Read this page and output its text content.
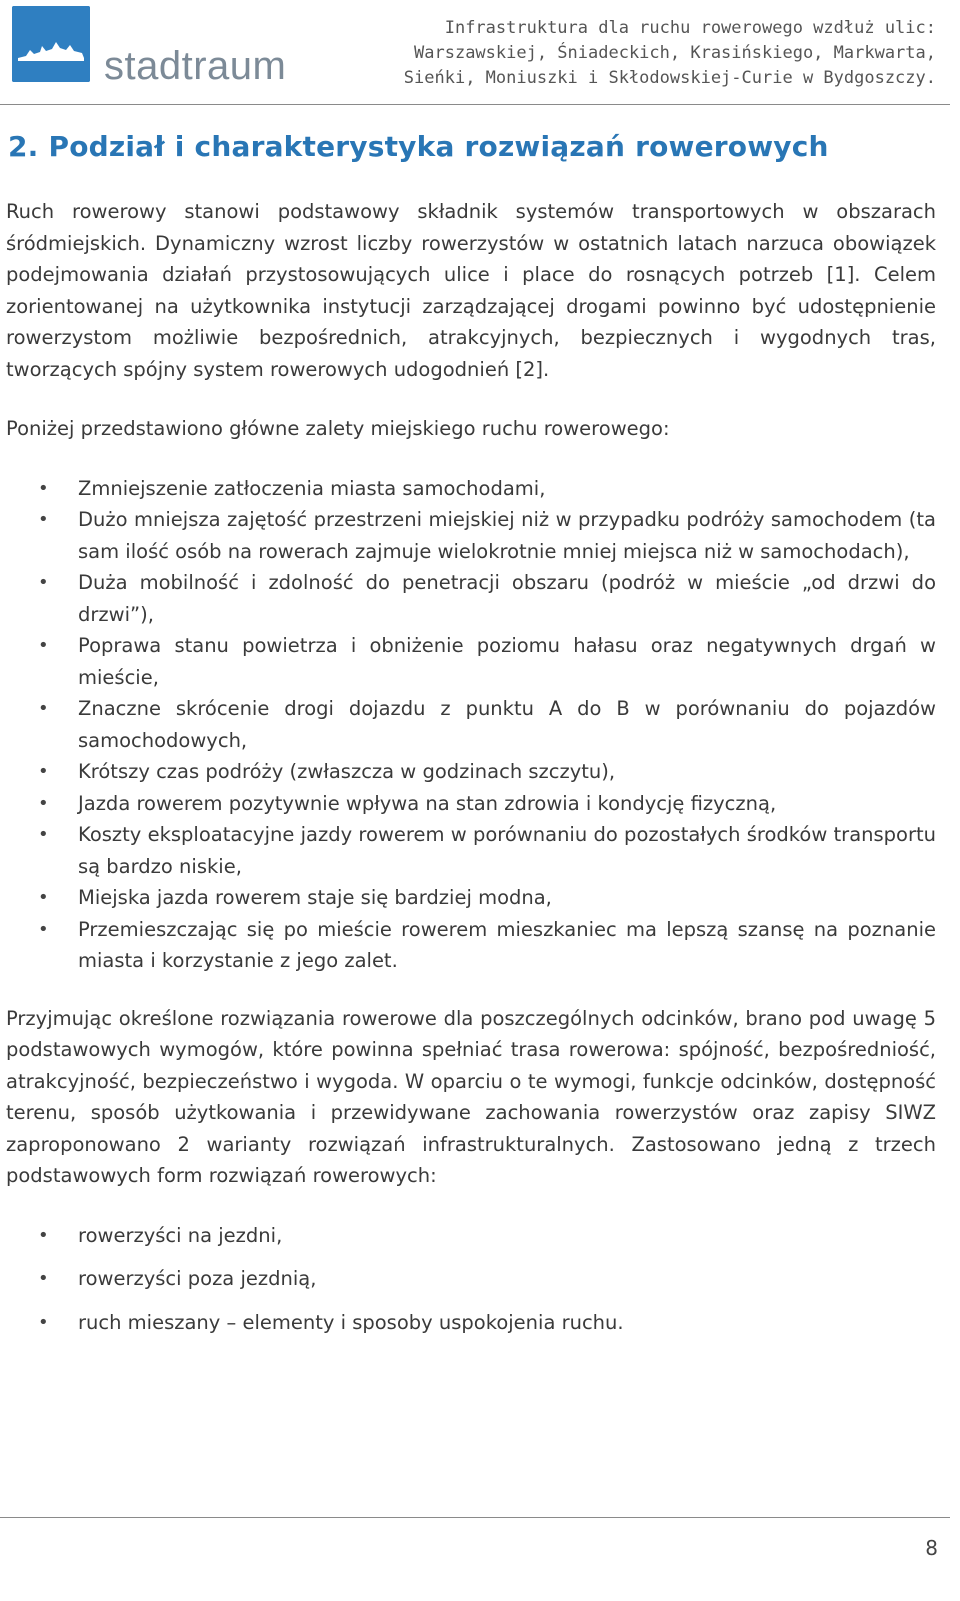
stadtraum
Infrastruktura dla ruchu rowerowego wzdłuż ulic:
Warszawskiej, Śniadeckich, Krasińskiego, Markwarta,
Sieńki, Moniuszki i Skłodowskiej-Curie w Bydgoszczy.
2. Podział i charakterystyka rozwiązań rowerowych

Ruch rowerowy stanowi podstawowy składnik systemów transportowych w obszarach śródmiejskich. Dynamiczny wzrost liczby rowerzystów w ostatnich latach narzuca obowiązek podejmowania działań przystosowujących ulice i place do rosnących potrzeb [1]. Celem zorientowanej na użytkownika instytucji zarządzającej drogami powinno być udostępnienie rowerzystom możliwie bezpośrednich, atrakcyjnych, bezpiecznych i wygodnych tras, tworzących spójny system rowerowych udogodnień [2].

Poniżej przedstawiono główne zalety miejskiego ruchu rowerowego:

• Zmniejszenie zatłoczenia miasta samochodami,
• Dużo mniejsza zajętość przestrzeni miejskiej niż w przypadku podróży samochodem (ta sam ilość osób na rowerach zajmuje wielokrotnie mniej miejsca niż w samochodach),
• Duża mobilność i zdolność do penetracji obszaru (podróż w mieście „od drzwi do drzwi”),
• Poprawa stanu powietrza i obniżenie poziomu hałasu oraz negatywnych drgań w mieście,
• Znaczne skrócenie drogi dojazdu z punktu A do B w porównaniu do pojazdów samochodowych,
• Krótszy czas podróży (zwłaszcza w godzinach szczytu),
• Jazda rowerem pozytywnie wpływa na stan zdrowia i kondycję fizyczną,
• Koszty eksploatacyjne jazdy rowerem w porównaniu do pozostałych środków transportu są bardzo niskie,
• Miejska jazda rowerem staje się bardziej modna,
• Przemieszczając się po mieście rowerem mieszkaniec ma lepszą szansę na poznanie miasta i korzystanie z jego zalet.

Przyjmując określone rozwiązania rowerowe dla poszczególnych odcinków, brano pod uwagę 5 podstawowych wymogów, które powinna spełniać trasa rowerowa: spójność, bezpośredniość, atrakcyjność, bezpieczeństwo i wygoda. W oparciu o te wymogi, funkcje odcinków, dostępność terenu, sposób użytkowania i przewidywane zachowania rowerzystów oraz zapisy SIWZ zaproponowano 2 warianty rozwiązań infrastrukturalnych. Zastosowano jedną z trzech podstawowych form rozwiązań rowerowych:

• rowerzyści na jezdni,
• rowerzyści poza jezdnią,
• ruch mieszany – elementy i sposoby uspokojenia ruchu.
8
